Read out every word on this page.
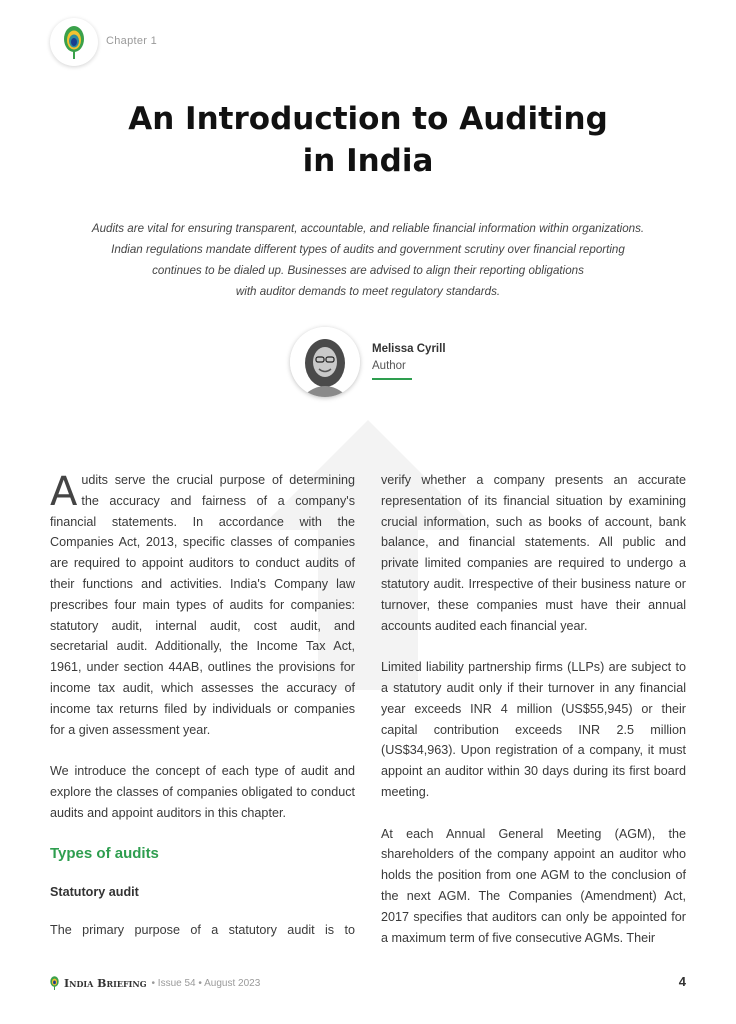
Chapter 1
An Introduction to Auditing
in India
Audits are vital for ensuring transparent, accountable, and reliable financial information within organizations.
Indian regulations mandate different types of audits and government scrutiny over financial reporting
continues to be dialed up. Businesses are advised to align their reporting obligations
with auditor demands to meet regulatory standards.
Melissa Cyrill
Author

Audits serve the crucial purpose of determining the accuracy and fairness of a company's financial statements. In accordance with the Companies Act, 2013, specific classes of companies are required to appoint auditors to conduct audits of their functions and activities. India's Company law prescribes four main types of audits for companies: statutory audit, internal audit, cost audit, and secretarial audit. Additionally, the Income Tax Act, 1961, under section 44AB, outlines the provisions for income tax audit, which assesses the accuracy of income tax returns filed by individuals or companies for a given assessment year.

We introduce the concept of each type of audit and explore the classes of companies obligated to conduct audits and appoint auditors in this chapter.

Types of audits
Statutory audit

The primary purpose of a statutory audit is to

verify whether a company presents an accurate representation of its financial situation by examining crucial information, such as books of account, bank balance, and financial statements. All public and private limited companies are required to undergo a statutory audit. Irrespective of their business nature or turnover, these companies must have their annual accounts audited each financial year.

Limited liability partnership firms (LLPs) are subject to a statutory audit only if their turnover in any financial year exceeds INR 4 million (US$55,945) or their capital contribution exceeds INR 2.5 million (US$34,963). Upon registration of a company, it must appoint an auditor within 30 days during its first board meeting.

At each Annual General Meeting (AGM), the shareholders of the company appoint an auditor who holds the position from one AGM to the conclusion of the next AGM. The Companies (Amendment) Act, 2017 specifies that auditors can only be appointed for a maximum term of five consecutive AGMs. Their

India Briefing • Issue 54 • August 2023	4
